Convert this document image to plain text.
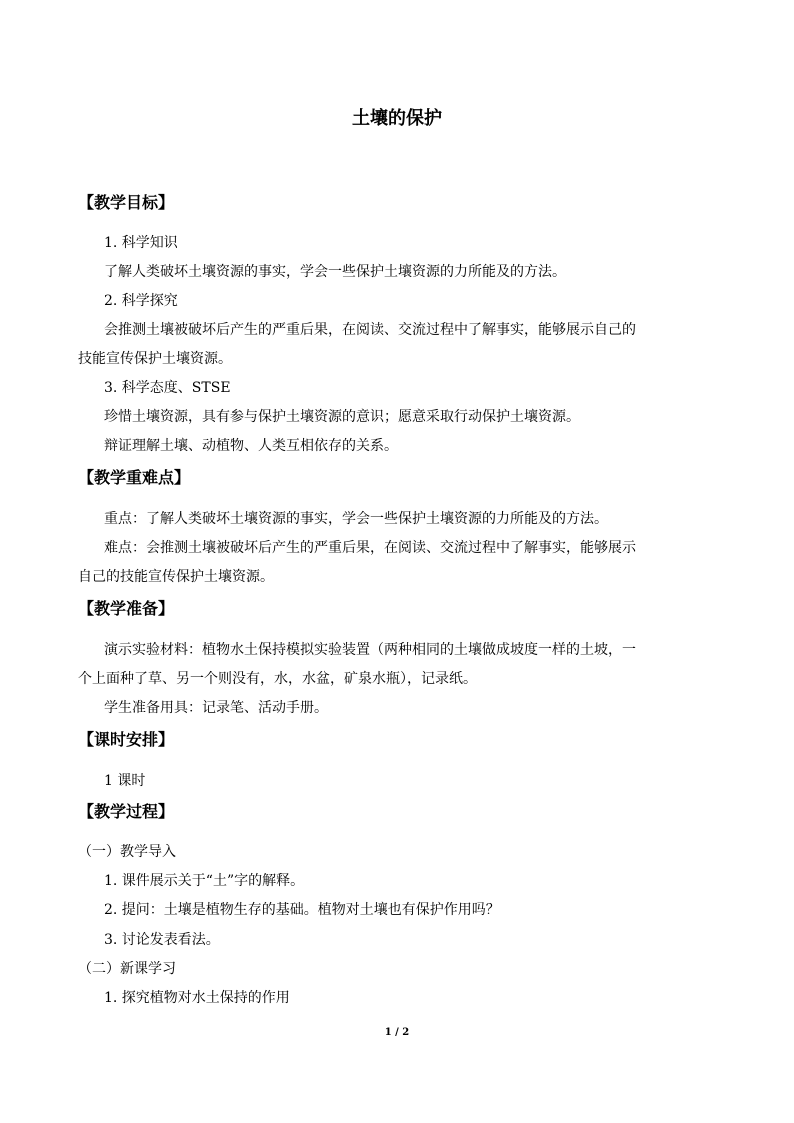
土壤的保护
【教学目标】
1. 科学知识
了解人类破坏土壤资源的事实，学会一些保护土壤资源的力所能及的方法。
2. 科学探究
会推测土壤被破坏后产生的严重后果，在阅读、交流过程中了解事实，能够展示自己的
技能宣传保护土壤资源。
3. 科学态度、STSE
珍惜土壤资源，具有参与保护土壤资源的意识；愿意采取行动保护土壤资源。
辩证理解土壤、动植物、人类互相依存的关系。
【教学重难点】
重点：了解人类破坏土壤资源的事实，学会一些保护土壤资源的力所能及的方法。
难点：会推测土壤被破坏后产生的严重后果，在阅读、交流过程中了解事实，能够展示
自己的技能宣传保护土壤资源。
【教学准备】
演示实验材料：植物水土保持模拟实验装置（两种相同的土壤做成坡度一样的土坡，一
个上面种了草、另一个则没有，水，水盆，矿泉水瓶），记录纸。
学生准备用具：记录笔、活动手册。
【课时安排】
1 课时
【教学过程】
（一）教学导入
1. 课件展示关于“土”字的解释。
2. 提问：土壤是植物生存的基础。植物对土壤也有保护作用吗？
3. 讨论发表看法。
（二）新课学习
1. 探究植物对水土保持的作用
1 / 2
